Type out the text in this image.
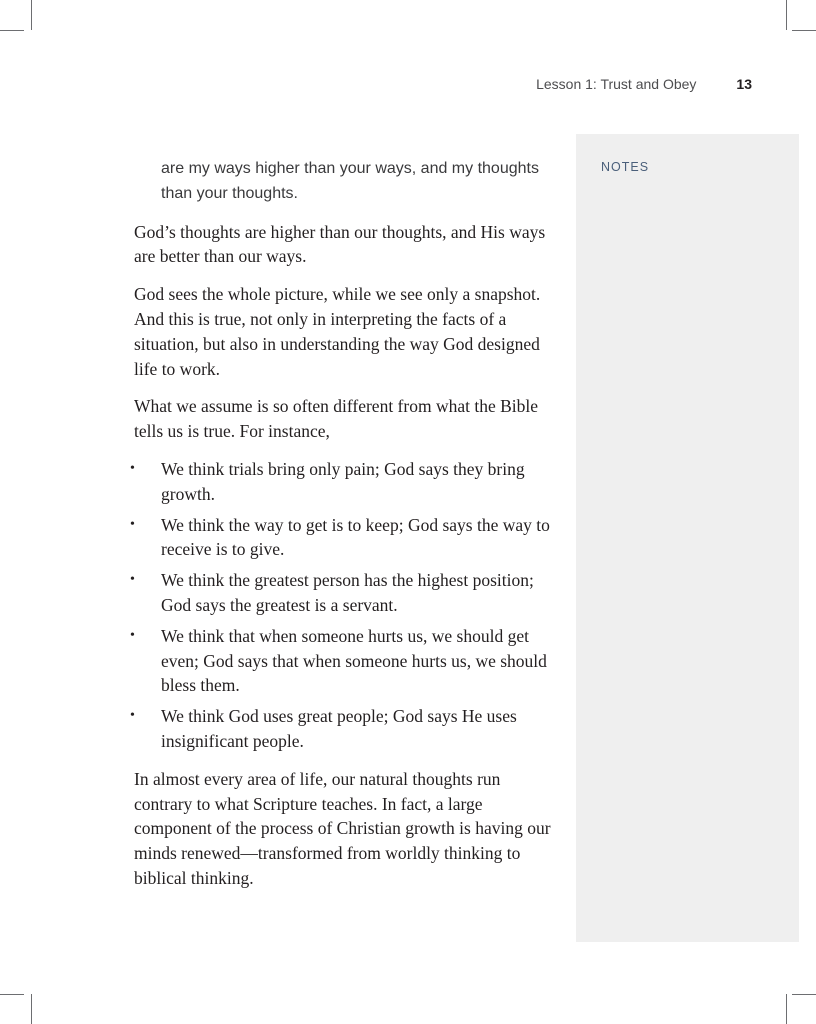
Lesson 1: Trust and Obey	13
NOTES

are my ways higher than your ways, and my thoughts than your thoughts.

God’s thoughts are higher than our thoughts, and His ways are better than our ways.

God sees the whole picture, while we see only a snapshot. And this is true, not only in interpreting the facts of a situation, but also in understanding the way God designed life to work.

What we assume is so often different from what the Bible tells us is true. For instance,

• We think trials bring only pain; God says they bring growth.
• We think the way to get is to keep; God says the way to receive is to give.
• We think the greatest person has the highest position; God says the greatest is a servant.
• We think that when someone hurts us, we should get even; God says that when someone hurts us, we should bless them.
• We think God uses great people; God says He uses insignificant people.

In almost every area of life, our natural thoughts run contrary to what Scripture teaches. In fact, a large component of the process of Christian growth is having our minds renewed—transformed from worldly thinking to biblical thinking.
